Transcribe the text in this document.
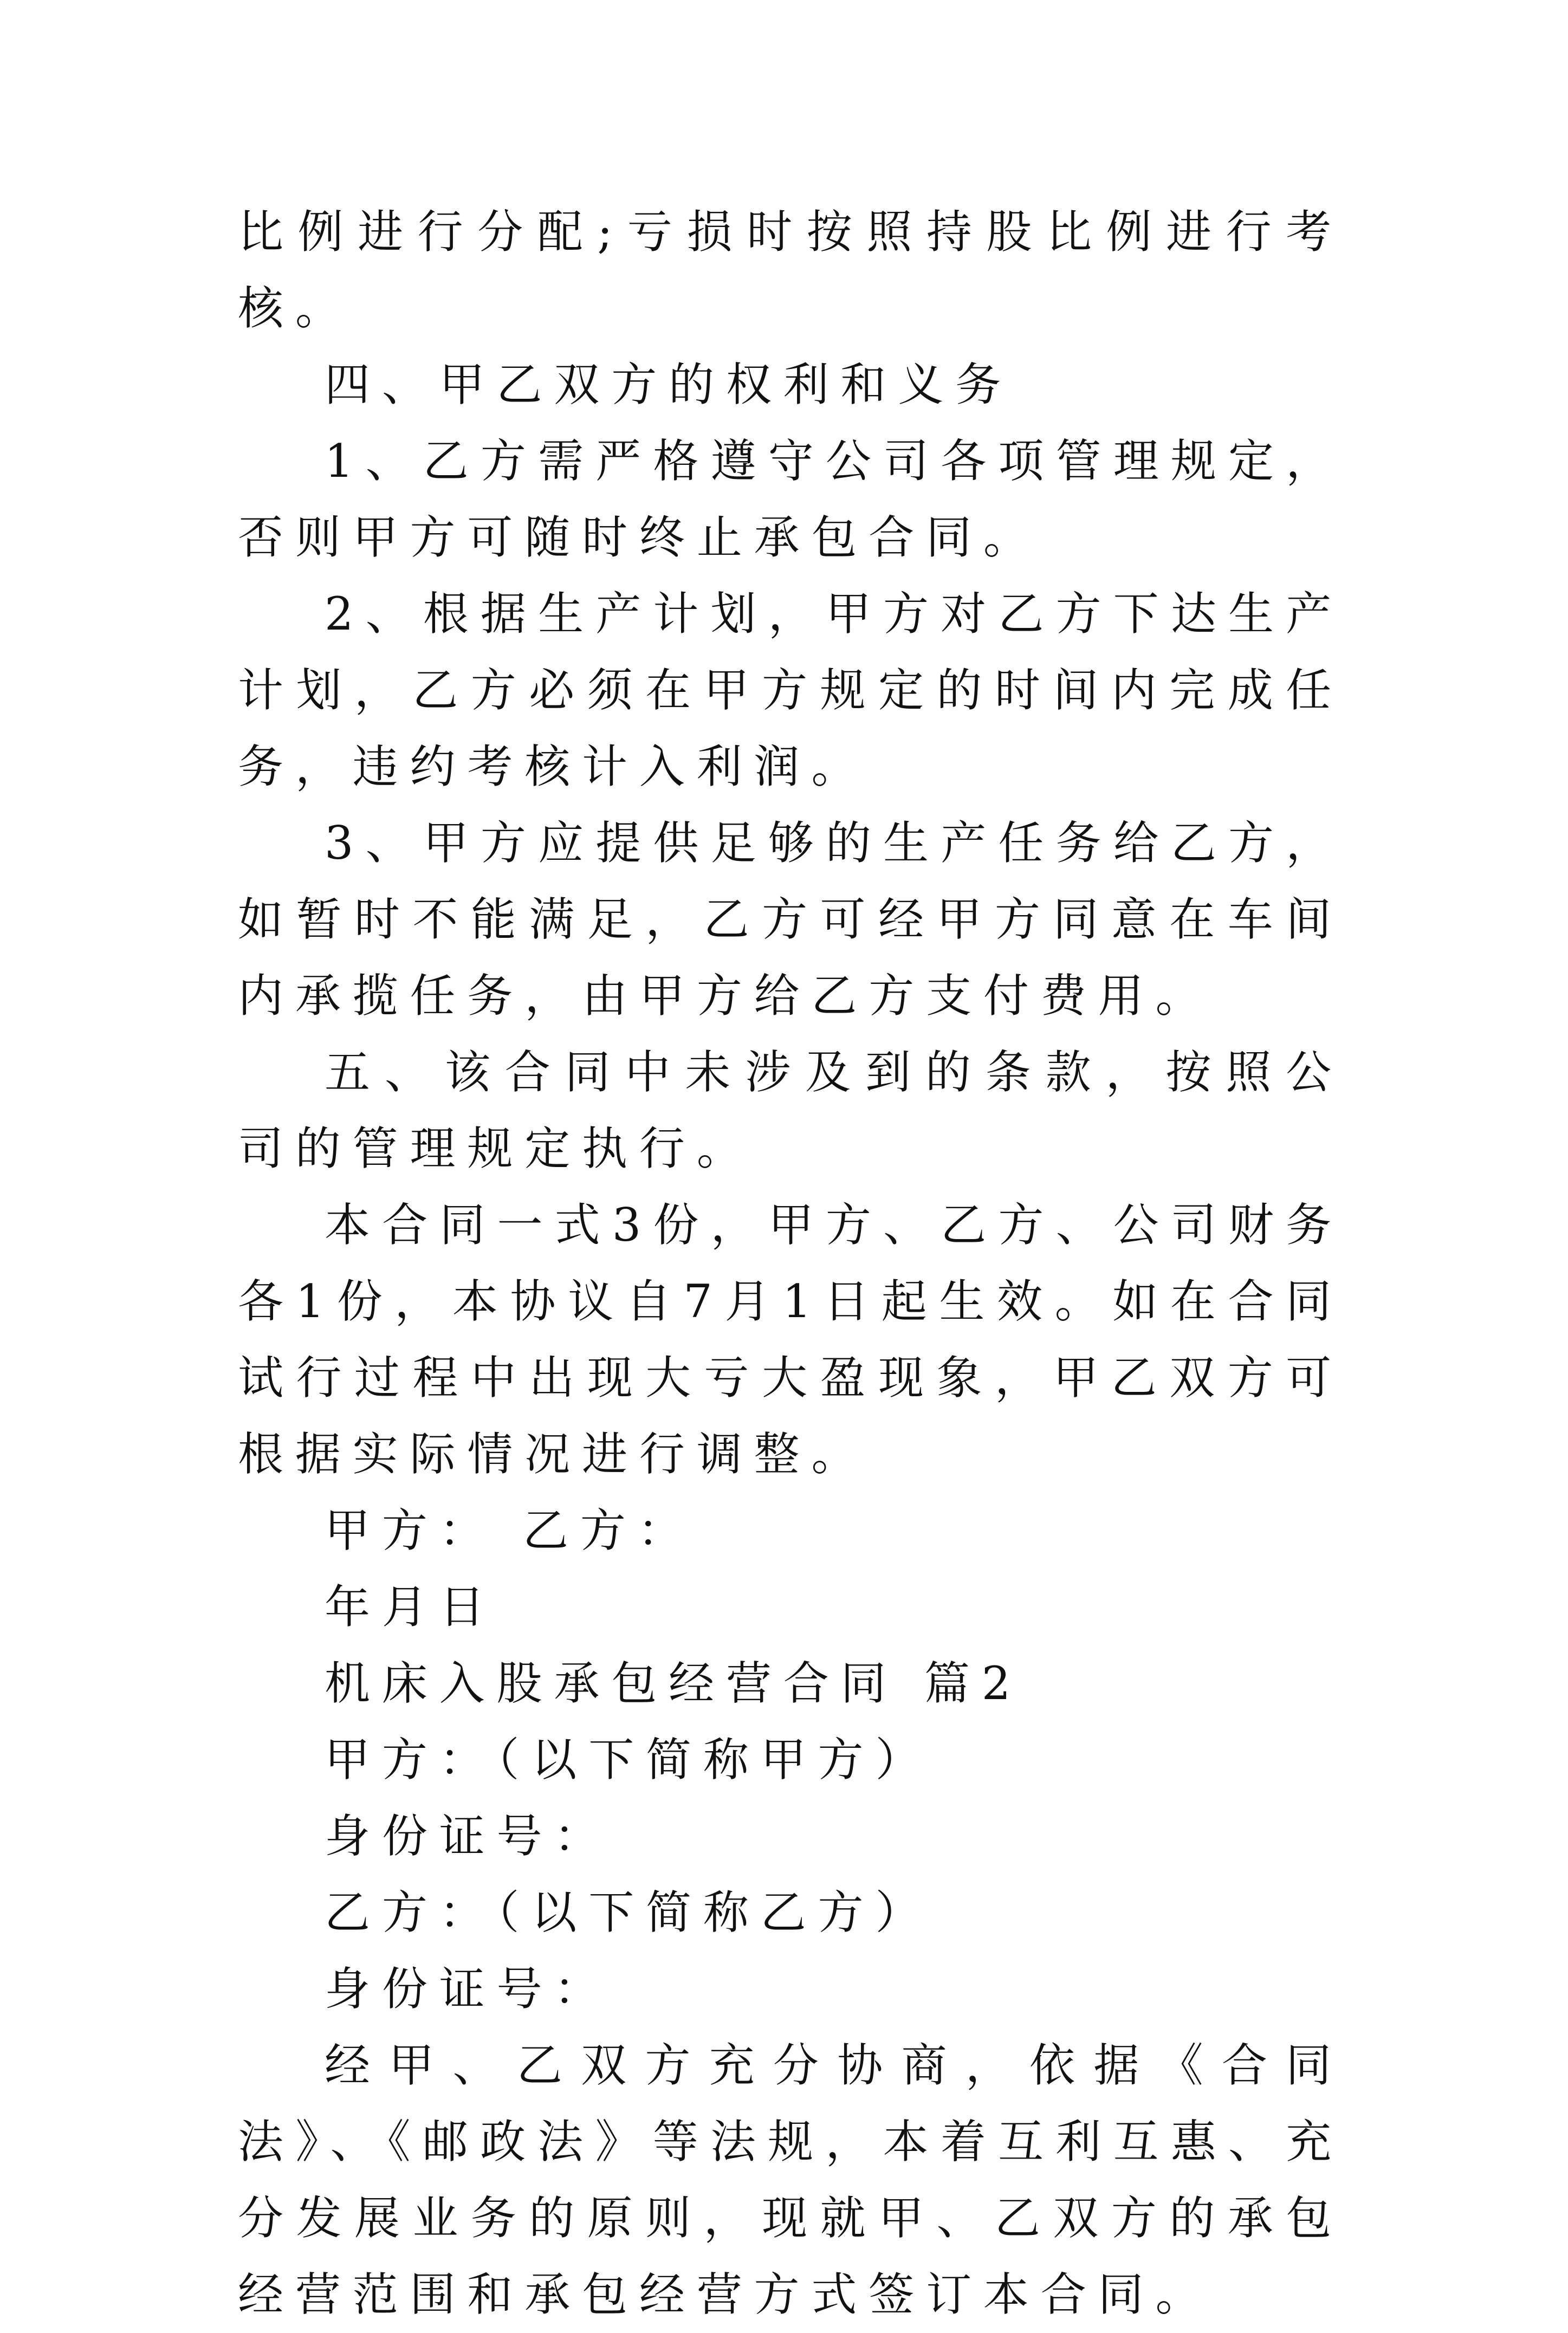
比例进行分配;亏损时按照持股比例进行考核。

四、甲乙双方的权利和义务

1、乙方需严格遵守公司各项管理规定，否则甲方可随时终止承包合同。

2、根据生产计划，甲方对乙方下达生产计划，乙方必须在甲方规定的时间内完成任务，违约考核计入利润。

3、甲方应提供足够的生产任务给乙方，如暂时不能满足，乙方可经甲方同意在车间内承揽任务，由甲方给乙方支付费用。

五、该合同中未涉及到的条款，按照公司的管理规定执行。

本合同一式3份，甲方、乙方、公司财务各1份，本协议自7月1日起生效。如在合同试行过程中出现大亏大盈现象，甲乙双方可根据实际情况进行调整。

甲方： 乙方：

年月日

机床入股承包经营合同 篇2

甲方：（以下简称甲方）

身份证号：

乙方：（以下简称乙方）

身份证号：

经甲、乙双方充分协商，依据《合同法》、《邮政法》等法规，本着互利互惠、充分发展业务的原则，现就甲、乙双方的承包经营范围和承包经营方式签订本合同。
